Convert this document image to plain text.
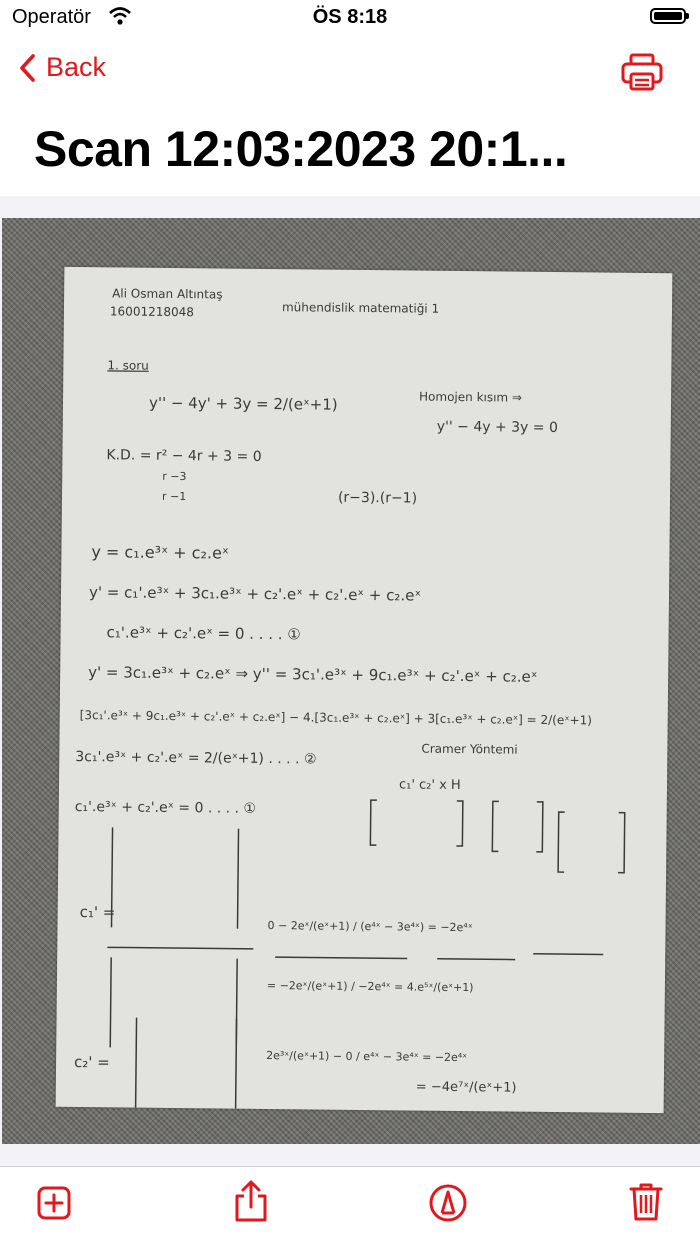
Operatör	ÖS 8:18
Back
Scan 12:03:2023 20:1...
Ali Osman Altıntaş
16001218048	mühendislik matematiği 1
1. soru
y'' − 4y' + 3y = 2/(eˣ+1)	Homojen kısım ⇒
y'' − 4y + 3y = 0
K.D. = r² − 4r + 3 = 0
r −3
r −1	(r−3).(r−1)
y = c₁.e³ˣ + c₂.eˣ
y' = c₁'.e³ˣ + 3c₁.e³ˣ + c₂'.eˣ + c₂'.eˣ + c₂.eˣ
c₁'.e³ˣ + c₂'.eˣ = 0 . . . . ①
y' = 3c₁.e³ˣ + c₂.eˣ ⇒ y'' = 3c₁'.e³ˣ + 9c₁.e³ˣ + c₂'.eˣ + c₂.eˣ
[3c₁'.e³ˣ + 9c₁.e³ˣ + c₂'.eˣ + c₂.eˣ] − 4.[3c₁.e³ˣ + c₂.eˣ] + 3[c₁.e³ˣ + c₂.eˣ] = 2/(eˣ+1)
3c₁'.e³ˣ + c₂'.eˣ = 2/(eˣ+1) . . . . ②	Cramer Yöntemi
c₁'.e³ˣ + c₂'.eˣ = 0 . . . . ①
c₁' c₂' x H
c₁' =
0 − 2eˣ/(eˣ+1) / (e⁴ˣ − 3e⁴ˣ) = −2e⁴ˣ
= −2eˣ/(eˣ+1) / −2e⁴ˣ = 4.e⁵ˣ/(eˣ+1)
c₂' =	2e³ˣ/(eˣ+1) − 0 / e⁴ˣ − 3e⁴ˣ = −2e⁴ˣ
= −4e⁷ˣ/(eˣ+1)
